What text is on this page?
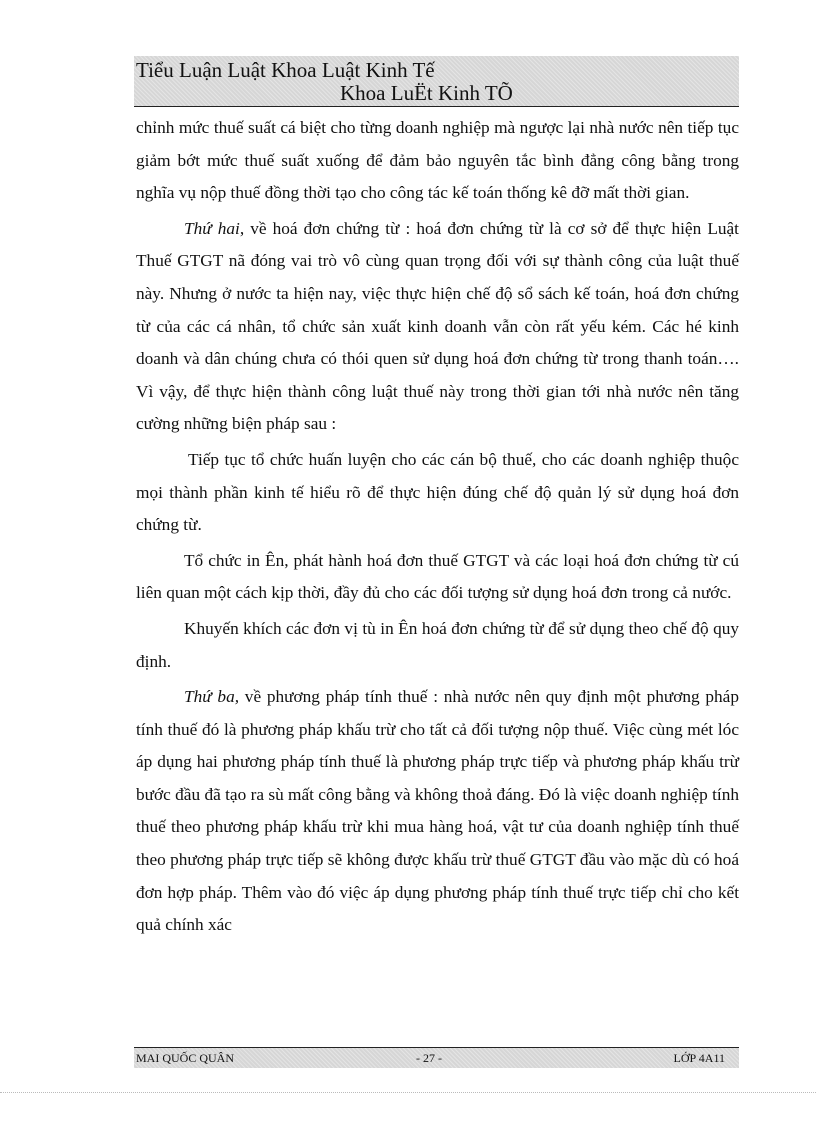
Tiểu Luận Luật Khoa Luật Kinh Tế
Khoa LuËt Kinh TÕ

chỉnh mức thuế suất cá biệt cho từng doanh nghiệp mà ngược lại nhà nước nên tiếp tục giảm bớt mức thuế suất xuống để đảm bảo nguyên tắc bình đẳng công bằng trong nghĩa vụ nộp thuế đồng thời tạo cho công tác kế toán thống kê đỡ mất thời gian.

Thứ hai, về hoá đơn chứng từ : hoá đơn chứng từ là cơ sở để thực hiện Luật Thuế GTGT nã đóng vai trò vô cùng quan trọng đối với sự thành công của luật thuế này. Nhưng ở nước ta hiện nay, việc thực hiện chế độ sổ sách kế toán, hoá đơn chứng từ của các cá nhân, tổ chức sản xuất kinh doanh vẫn còn rất yếu kém. Các hé kinh doanh và dân chúng chưa có thói quen sử dụng hoá đơn chứng từ trong thanh toán…. Vì vậy, để thực hiện thành công luật thuế này trong thời gian tới nhà nước nên tăng cường những biện pháp sau :

Tiếp tục tổ chức huấn luyện cho các cán bộ thuế, cho các doanh nghiệp thuộc mọi thành phần kinh tế hiểu rõ để thực hiện đúng chế độ quản lý sử dụng hoá đơn chứng từ.

Tổ chức in Ên, phát hành hoá đơn thuế GTGT và các loại hoá đơn chứng từ cú liên quan một cách kịp thời, đầy đủ cho các đối tượng sử dụng hoá đơn trong cả nước.

Khuyến khích các đơn vị tù in Ên hoá đơn chứng từ để sử dụng theo chế độ quy định.

Thứ ba, về phương pháp tính thuế : nhà nước nên quy định một phương pháp tính thuế đó là phương pháp khấu trừ cho tất cả đối tượng nộp thuế. Việc cùng mét lóc áp dụng hai phương pháp tính thuế là phương pháp trực tiếp và phương pháp khấu trừ bước đầu đã tạo ra sù mất công bằng và không thoả đáng. Đó là việc doanh nghiệp tính thuế theo phương pháp khấu trừ khi mua hàng hoá, vật tư của doanh nghiệp tính thuế theo phương pháp trực tiếp sẽ không được khấu trừ thuế GTGT đầu vào mặc dù có hoá đơn hợp pháp. Thêm vào đó việc áp dụng phương pháp tính thuế trực tiếp chỉ cho kết quả chính xác

MAI QUỐC QUÂN	- 27 -	LỚP 4A11
